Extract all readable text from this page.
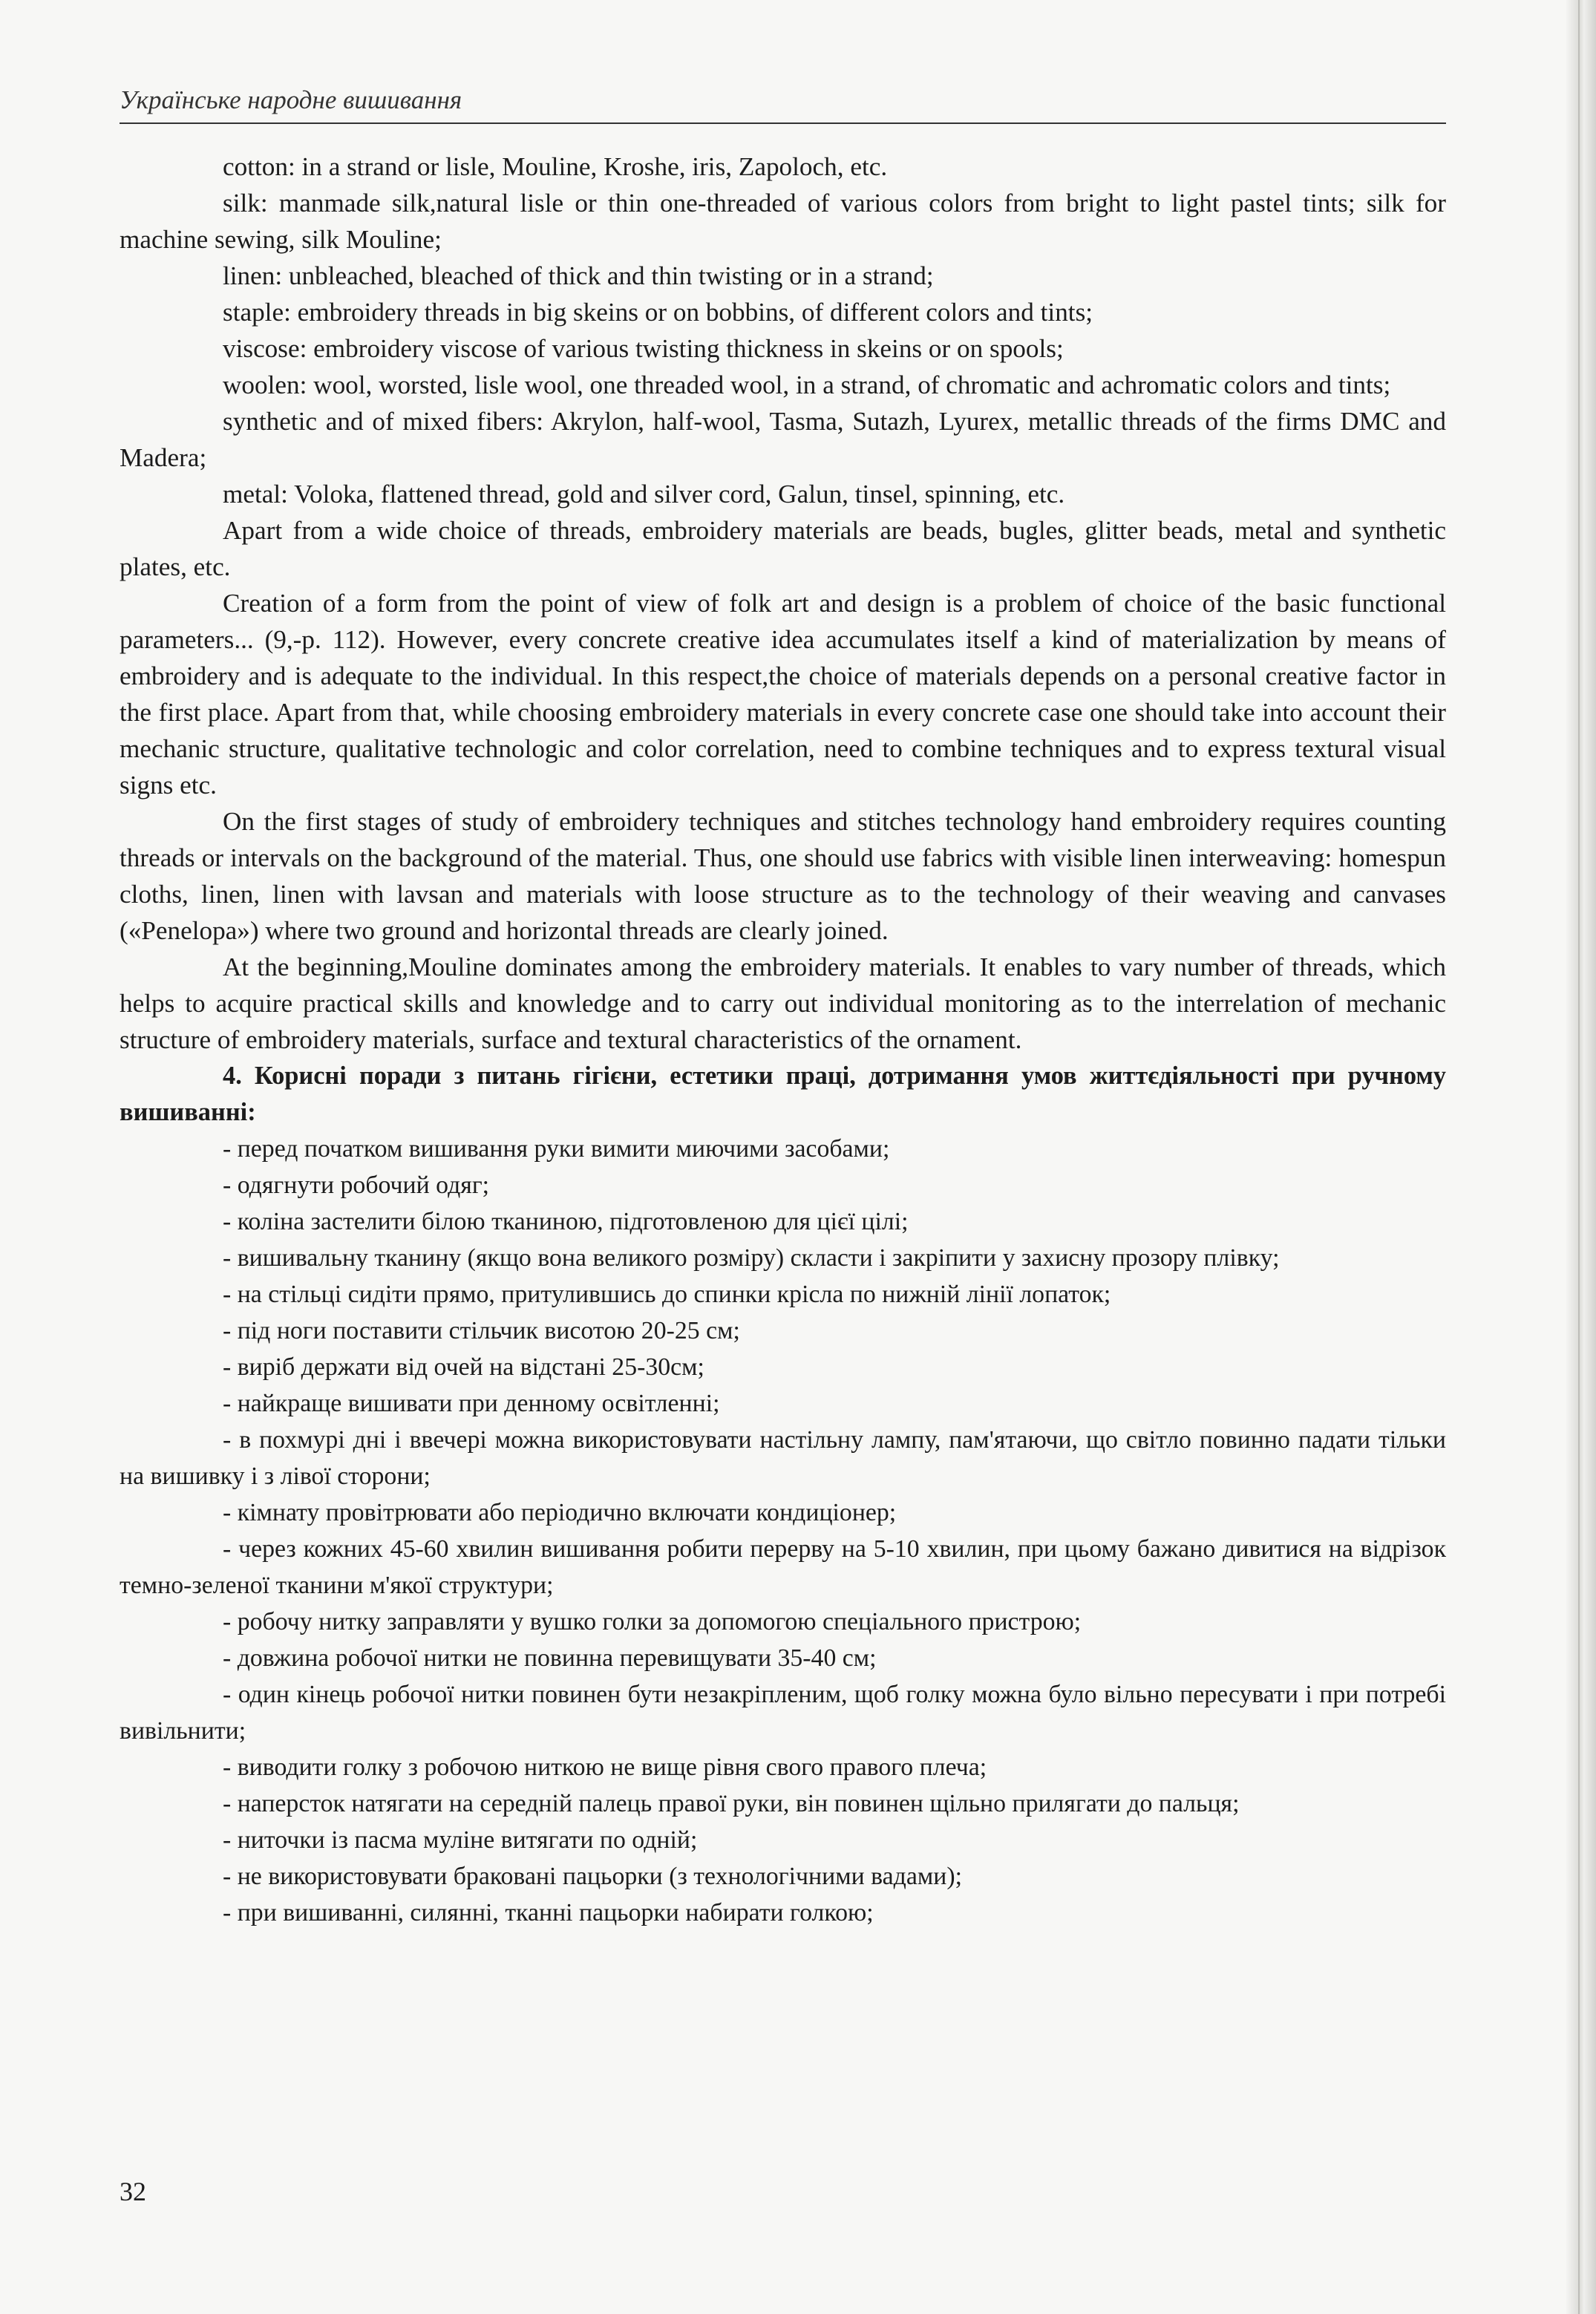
Українське народне вишивання

cotton: in a strand or lisle, Mouline, Kroshe, iris, Zapoloch, etc.

silk: manmade silk,natural lisle or thin one-threaded of various colors from bright to light pastel tints; silk for machine sewing, silk Mouline;

linen: unbleached, bleached of thick and thin twisting or in a strand;

staple: embroidery threads in big skeins or on bobbins, of different colors and tints;

viscose: embroidery viscose of various twisting thickness in skeins or on spools;

woolen: wool, worsted, lisle wool, one threaded wool, in a strand, of chromatic and achromatic colors and tints;

synthetic and of mixed fibers: Akrylon, half-wool, Tasma, Sutazh, Lyurex, metallic threads of the firms DMC and Madera;

metal: Voloka, flattened thread, gold and silver cord, Galun, tinsel, spinning, etc.

Apart from a wide choice of threads, embroidery materials are beads, bugles, glitter beads, metal and synthetic plates, etc.

Creation of a form from the point of view of folk art and design is a problem of choice of the basic functional parameters... (9,-p. 112). However, every concrete creative idea accumulates itself a kind of materialization by means of embroidery and is adequate to the individual. In this respect,the choice of materials depends on a personal creative factor in the first place. Apart from that, while choosing embroidery materials in every concrete case one should take into account their mechanic structure, qualitative technologic and color correlation, need to combine techniques and to express textural visual signs etc.

On the first stages of study of embroidery techniques and stitches technology hand embroidery requires counting threads or intervals on the background of the material. Thus, one should use fabrics with visible linen interweaving: homespun cloths, linen, linen with lavsan and materials with loose structure as to the technology of their weaving and canvases («Penelopa») where two ground and horizontal threads are clearly joined.

At the beginning,Mouline dominates among the embroidery materials. It enables to vary number of threads, which helps to acquire practical skills and knowledge and to carry out individual monitoring as to the interrelation of mechanic structure of embroidery materials, surface and textural characteristics of the ornament.

4. Корисні поради з питань гігієни, естетики праці, дотримання умов життєдіяльності при ручному вишиванні:

- перед початком вишивання руки вимити миючими засобами;

- одягнути робочий одяг;

- коліна застелити білою тканиною, підготовленою для цієї цілі;

- вишивальну тканину (якщо вона великого розміру) скласти і закріпити у захисну прозору плівку;

- на стільці сидіти прямо, притулившись до спинки крісла по нижній лінії лопаток;

- під ноги поставити стільчик висотою 20-25 см;

- виріб держати від очей на відстані 25-30см;

- найкраще вишивати при денному освітленні;

- в похмурі дні і ввечері можна використовувати настільну лампу, пам'ятаючи, що світло повинно падати тільки на вишивку і з лівої сторони;

- кімнату провітрювати або періодично включати кондиціонер;

- через кожних 45-60 хвилин вишивання робити перерву на 5-10 хвилин, при цьому бажано дивитися на відрізок темно-зеленої тканини м'якої структури;

- робочу нитку заправляти у вушко голки за допомогою спеціального пристрою;

- довжина робочої нитки не повинна перевищувати 35-40 см;

- один кінець робочої нитки повинен бути незакріпленим, щоб голку можна було вільно пересувати і при потребі вивільнити;

- виводити голку з робочою ниткою не вище рівня свого правого плеча;

- наперсток натягати на середній палець правої руки, він повинен щільно прилягати до пальця;

- ниточки із пасма муліне витягати по одній;

- не використовувати браковані пацьорки (з технологічними вадами);

- при вишиванні, силянні, тканні пацьорки набирати голкою;

32
